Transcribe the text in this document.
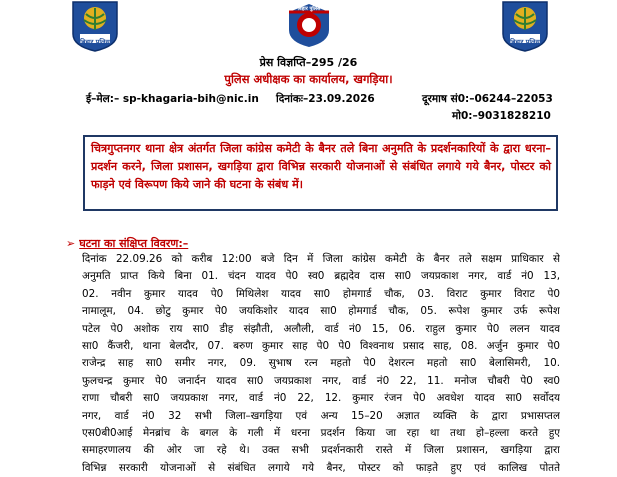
बिहार पुलिस
बिहार पुलिस
बिहार पुलिस
प्रेस विज्ञप्ति–295 /26
पुलिस अधीक्षक का कार्यालय, खगड़िया।
ई–मेल:– sp-khagaria-bih@nic.in दिनांकः–23.09.2026	दूरमाष सं0:–06244–22053
मो0:–9031828210
चित्रगुप्तनगर थाना क्षेत्र अंतर्गत जिला कांग्रेस कमेटी के बैनर तले बिना अनुमति के प्रदर्शनकारियों के द्वारा धरना–प्रदर्शन करने, जिला प्रशासन, खगड़िया द्वारा विभिन्न सरकारी योजनाओं से संबंधित लगाये गये बैनर, पोस्टर को फाड़ने एवं विरूपण किये जाने की घटना के संबंध में।
➢ घटना का संक्षिप्त विवरण:–
दिनांक 22.09.26 को करीब 12:00 बजे दिन में जिला कांग्रेस कमेटी के बैनर तले सक्षम प्राधिकार से
अनुमति प्राप्त किये बिना 01. चंदन यादव पे0 स्व0 ब्रह्मदेव दास सा0 जयप्रकाश नगर, वार्ड नं0 13,
02. नवीन कुमार यादव पे0 मिथिलेश यादव सा0 होमगार्ड चौक, 03. विराट कुमार विराट पे0
नामालूम, 04. छोटु कुमार पे0 जयकिशोर यादव सा0 होमगार्ड चौक, 05. रूपेश कुमार उर्फ रूपेश
पटेल पे0 अशोक राय सा0 डीह संझौती, अलौली, वार्ड नं0 15, 06. राहुल कुमार पे0 ललन यादव
सा0 कैंजरी, थाना बेलदौर, 07. बरुण कुमार साह पे0 पे0 विश्वनाथ प्रसाद साह, 08. अर्जुन कुमार पे0
राजेन्द्र साह सा0 समीर नगर, 09. सुभाष रत्न महतो पे0 देशरत्न महतो सा0 बेलासिमरी, 10.
फुलचन्द्र कुमार पे0 जनार्दन यादव सा0 जयप्रकाश नगर, वार्ड नं0 22, 11. मनोज चौबरी पे0 स्व0
राणा चौबरी सा0 जयप्रकाश नगर, वार्ड नं0 22, 12. कुमार रंजन पे0 अवधेश यादव सा0 सर्वोदय
नगर, वार्ड नं0 32 सभी जिला–खगड़िया एवं अन्य 15–20 अज्ञात व्यक्ति के द्वारा प्रभासप्तल
एस0बी0आई मेनब्रांच के बगल के गली में धरना प्रदर्शन किया जा रहा था तथा हो–हल्ला करते हुए
समाहरणालय की ओर जा रहे थे। उक्त सभी प्रदर्शनकारी रास्ते में जिला प्रशासन, खगड़िया द्वारा
विभिन्न सरकारी योजनाओं से संबंधित लगाये गये बैनर, पोस्टर को फाड़ते हुए एवं कालिख पोतते
